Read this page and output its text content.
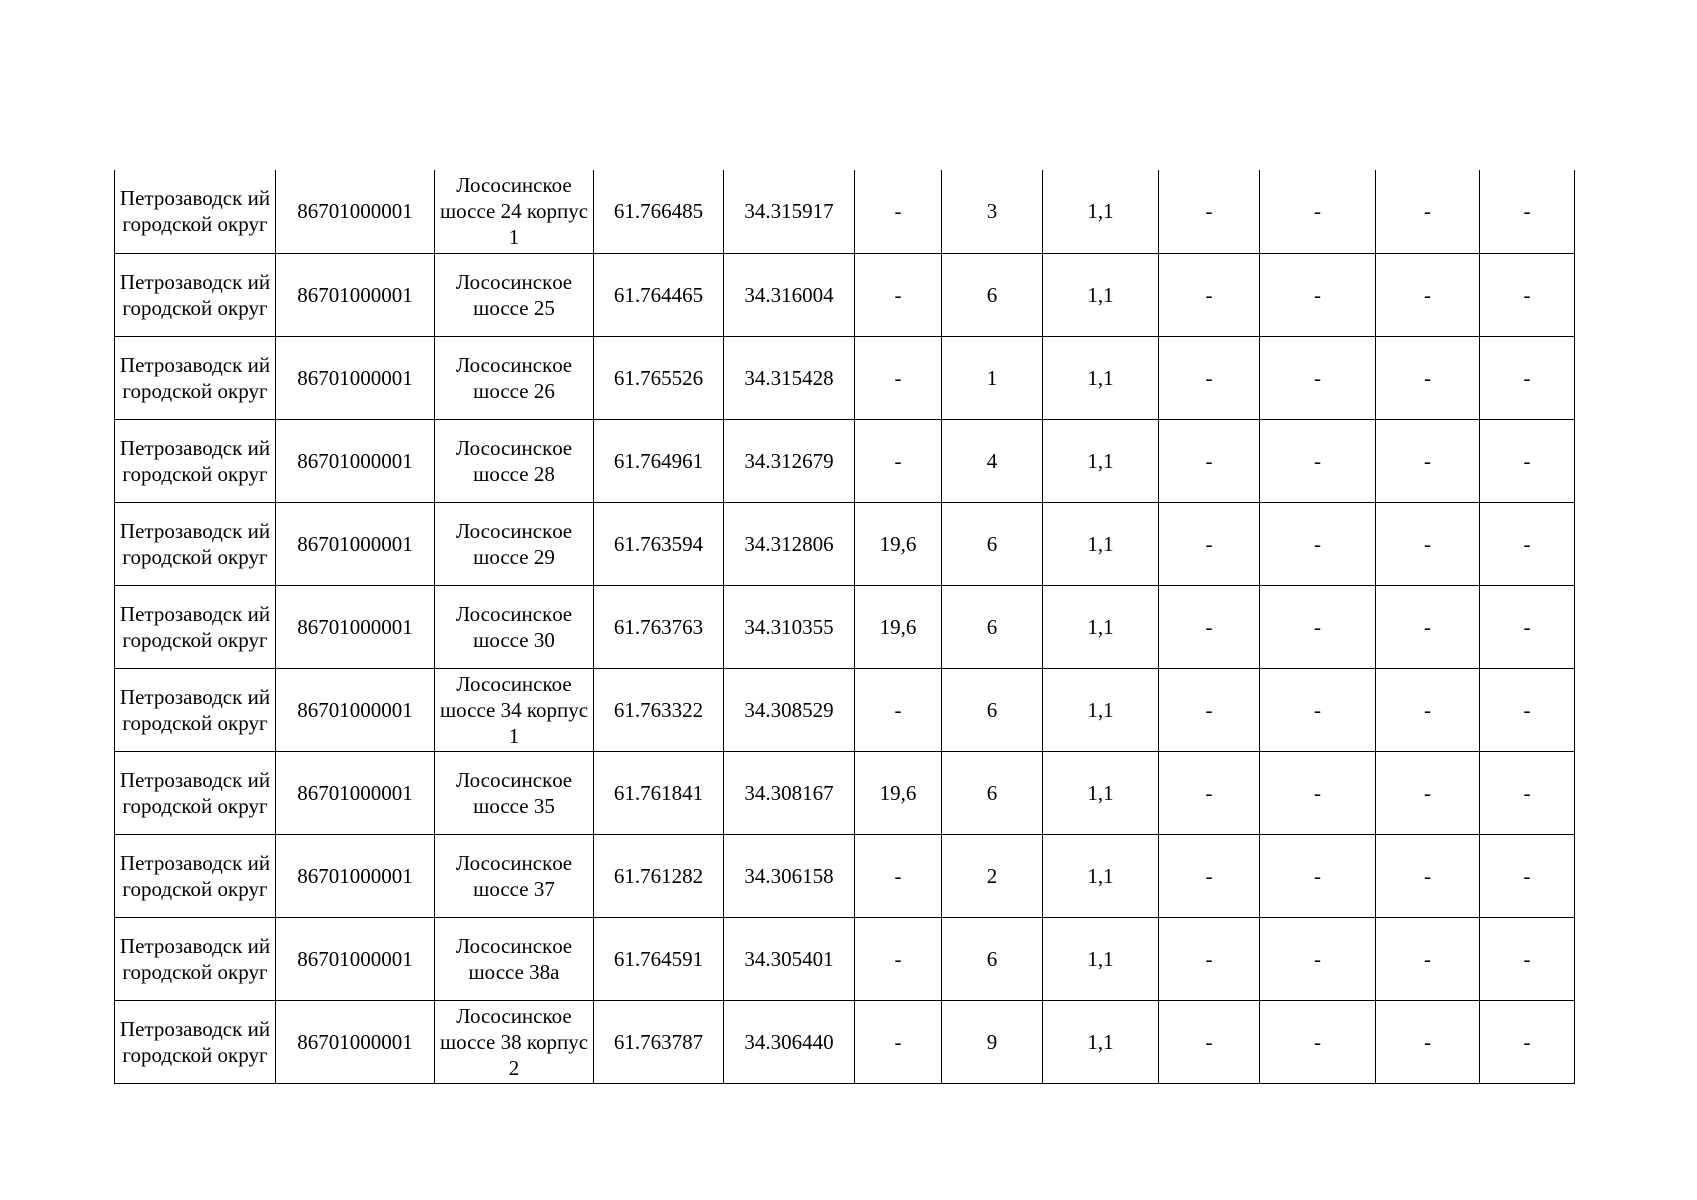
Петрозаводск ий городской округ	86701000001	Лососинское шоссе 24 корпус 1	61.766485	34.315917	-	3	1,1	-	-	-	-
Петрозаводск ий городской округ	86701000001	Лососинскoе шоссе 25	61.764465	34.316004	-	6	1,1	-	-	-	-
Петрозаводск ий городской округ	86701000001	Лососинскoе шоссе 26	61.765526	34.315428	-	1	1,1	-	-	-	-
Петрозаводск ий городской округ	86701000001	Лососинскoе шоссе 28	61.764961	34.312679	-	4	1,1	-	-	-	-
Петрозаводск ий городской округ	86701000001	Лососинскoе шоссе 29	61.763594	34.312806	19,6	6	1,1	-	-	-	-
Петрозаводск ий городской округ	86701000001	Лососинскoе шоссе 30	61.763763	34.310355	19,6	6	1,1	-	-	-	-
Петрозаводск ий городской округ	86701000001	Лососинское шоссе 34 корпус 1	61.763322	34.308529	-	6	1,1	-	-	-	-
Петрозаводск ий городской округ	86701000001	Лососинскoе шоссе 35	61.761841	34.308167	19,6	6	1,1	-	-	-	-
Петрозаводск ий городской округ	86701000001	Лососинскoе шоссе 37	61.761282	34.306158	-	2	1,1	-	-	-	-
Петрозаводск ий городской округ	86701000001	Лососинскoе шоссе 38а	61.764591	34.305401	-	6	1,1	-	-	-	-
Петрозаводск ий городской округ	86701000001	Лососинское шоссе 38 корпус 2	61.763787	34.306440	-	9	1,1	-	-	-	-
